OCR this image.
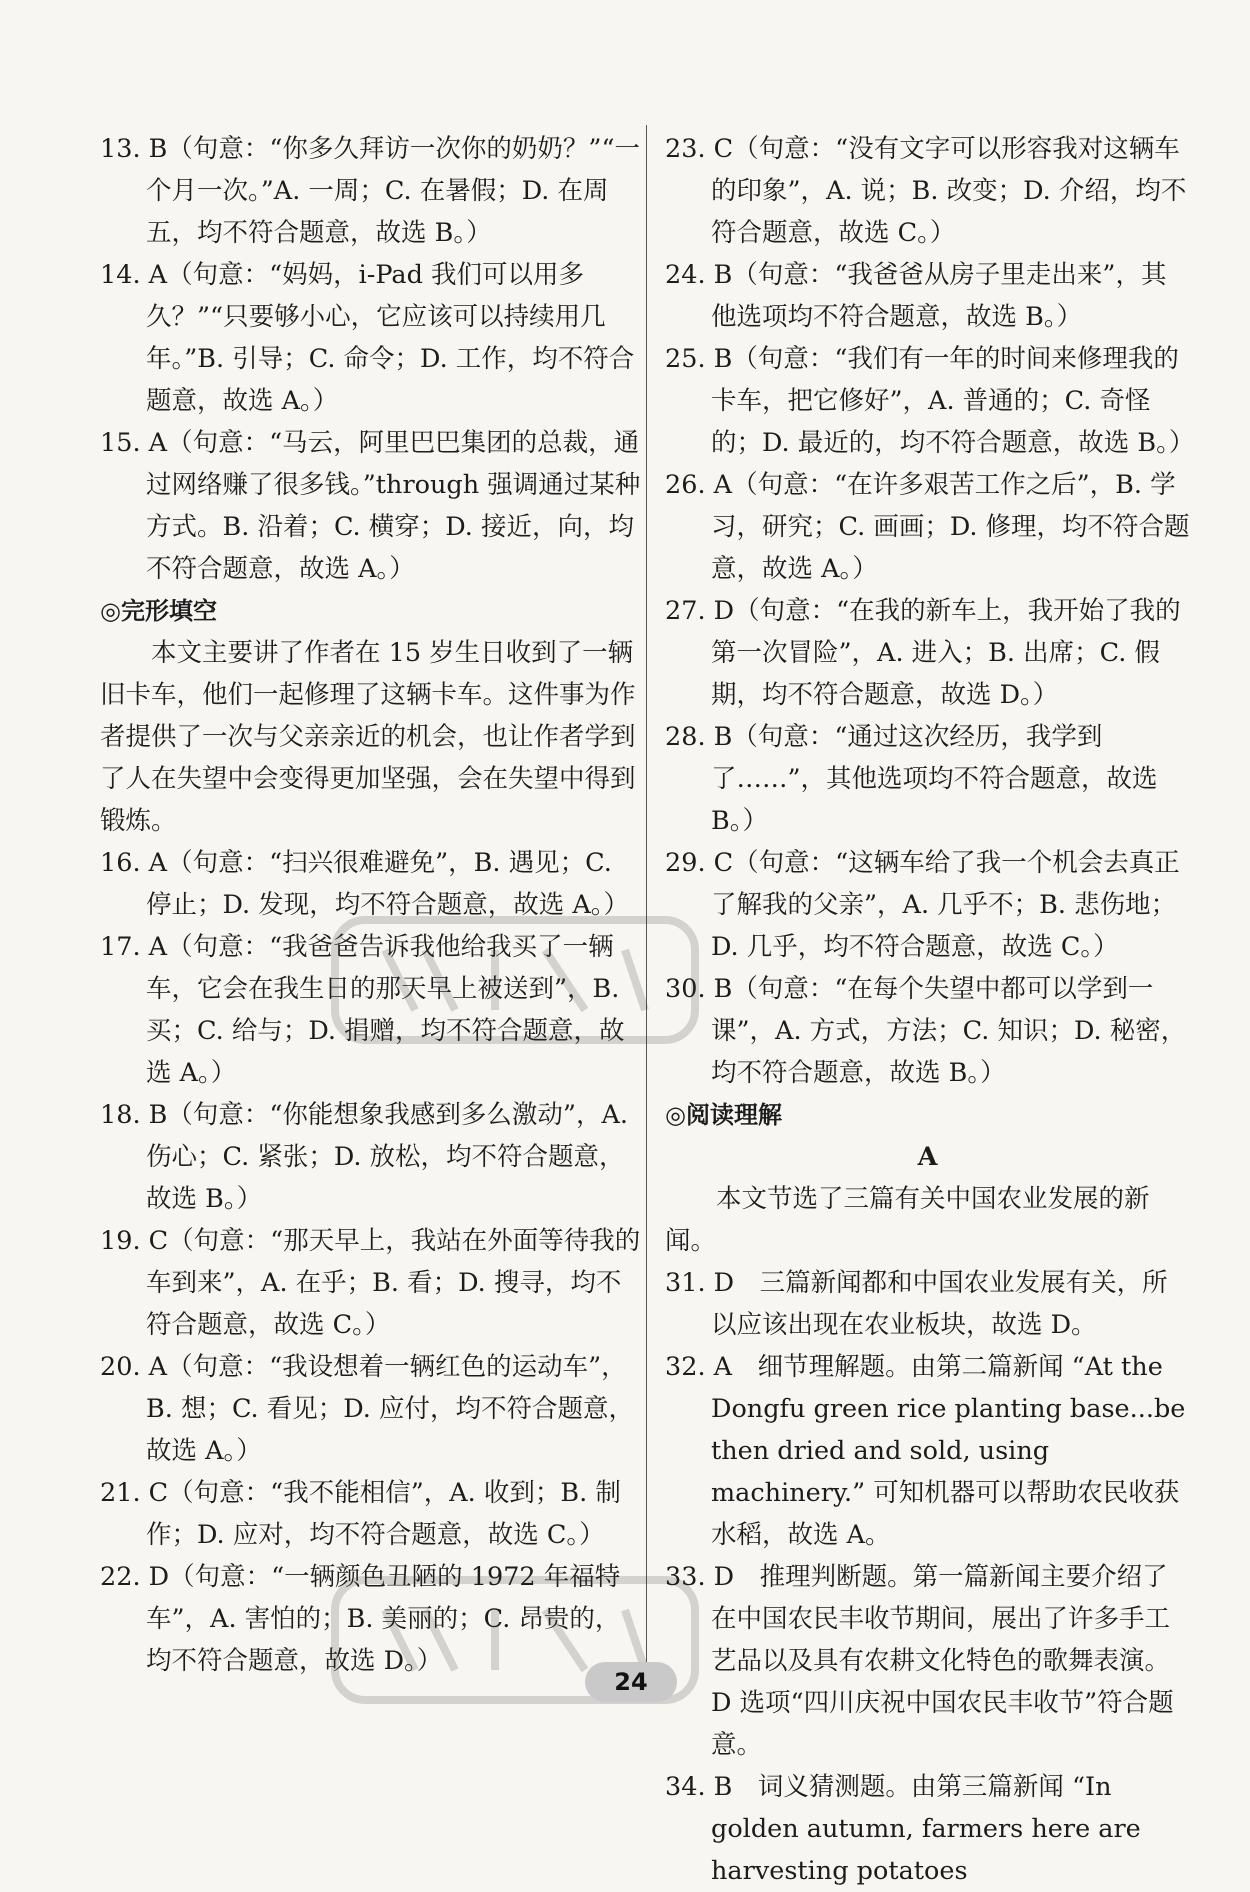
13. B（句意：“你多久拜访一次你的奶奶？”“一个月一次。”A. 一周；C. 在暑假；D. 在周五，均不符合题意，故选 B。）
14. A（句意：“妈妈，i-Pad 我们可以用多久？”“只要够小心，它应该可以持续用几年。”B. 引导；C. 命令；D. 工作，均不符合题意，故选 A。）
15. A（句意：“马云，阿里巴巴集团的总裁，通过网络赚了很多钱。”through 强调通过某种方式。B. 沿着；C. 横穿；D. 接近，向，均不符合题意，故选 A。）
◎完形填空
本文主要讲了作者在 15 岁生日收到了一辆旧卡车，他们一起修理了这辆卡车。这件事为作者提供了一次与父亲亲近的机会，也让作者学到了人在失望中会变得更加坚强，会在失望中得到锻炼。
16. A（句意：“扫兴很难避免”，B. 遇见；C. 停止；D. 发现，均不符合题意，故选 A。）
17. A（句意：“我爸爸告诉我他给我买了一辆车，它会在我生日的那天早上被送到”，B. 买；C. 给与；D. 捐赠，均不符合题意，故选 A。）
18. B（句意：“你能想象我感到多么激动”，A. 伤心；C. 紧张；D. 放松，均不符合题意，故选 B。）
19. C（句意：“那天早上，我站在外面等待我的车到来”，A. 在乎；B. 看；D. 搜寻，均不符合题意，故选 C。）
20. A（句意：“我设想着一辆红色的运动车”，B. 想；C. 看见；D. 应付，均不符合题意，故选 A。）
21. C（句意：“我不能相信”，A. 收到；B. 制作；D. 应对，均不符合题意，故选 C。）
22. D（句意：“一辆颜色丑陋的 1972 年福特车”，A. 害怕的；B. 美丽的；C. 昂贵的，均不符合题意，故选 D。）
23. C（句意：“没有文字可以形容我对这辆车的印象”，A. 说；B. 改变；D. 介绍，均不符合题意，故选 C。）
24. B（句意：“我爸爸从房子里走出来”，其他选项均不符合题意，故选 B。）
25. B（句意：“我们有一年的时间来修理我的卡车，把它修好”，A. 普通的；C. 奇怪的；D. 最近的，均不符合题意，故选 B。）
26. A（句意：“在许多艰苦工作之后”，B. 学习，研究；C. 画画；D. 修理，均不符合题意，故选 A。）
27. D（句意：“在我的新车上，我开始了我的第一次冒险”，A. 进入；B. 出席；C. 假期，均不符合题意，故选 D。）
28. B（句意：“通过这次经历，我学到了……”，其他选项均不符合题意，故选 B。）
29. C（句意：“这辆车给了我一个机会去真正了解我的父亲”，A. 几乎不；B. 悲伤地；D. 几乎，均不符合题意，故选 C。）
30. B（句意：“在每个失望中都可以学到一课”，A. 方式，方法；C. 知识；D. 秘密，均不符合题意，故选 B。）
◎阅读理解
A
本文节选了三篇有关中国农业发展的新闻。
31. D　三篇新闻都和中国农业发展有关，所以应该出现在农业板块，故选 D。
32. A　细节理解题。由第二篇新闻 “At the Dongfu green rice planting base...be then dried and sold, using machinery.” 可知机器可以帮助农民收获水稻，故选 A。
33. D　推理判断题。第一篇新闻主要介绍了在中国农民丰收节期间，展出了许多手工艺品以及具有农耕文化特色的歌舞表演。D 选项“四川庆祝中国农民丰收节”符合题意。
34. B　词义猜测题。由第三篇新闻 “In golden autumn, farmers here are harvesting potatoes
24
